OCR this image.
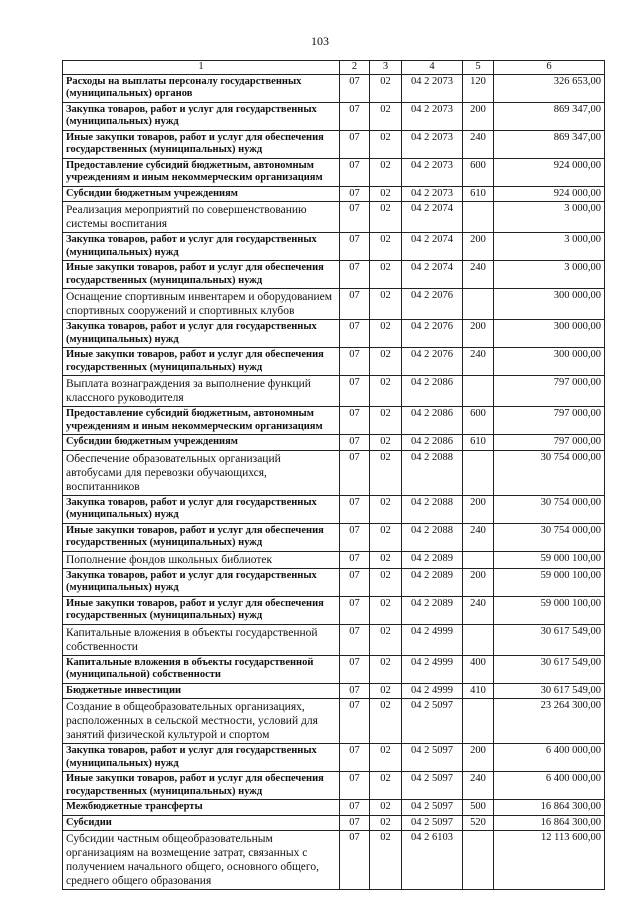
103
1	2	3	4	5	6
Расходы на выплаты персоналу государственных (муниципальных) органов	07	02	04 2 2073	120	326 653,00
Закупка товаров, работ и услуг для государственных (муниципальных) нужд	07	02	04 2 2073	200	869 347,00
Иные закупки товаров, работ и услуг для обеспечения государственных (муниципальных) нужд	07	02	04 2 2073	240	869 347,00
Предоставление субсидий бюджетным, автономным учреждениям и иным некоммерческим организациям	07	02	04 2 2073	600	924 000,00
Субсидии бюджетным учреждениям	07	02	04 2 2073	610	924 000,00
Реализация мероприятий по совершенствованию системы воспитания	07	02	04 2 2074		3 000,00
Закупка товаров, работ и услуг для государственных (муниципальных) нужд	07	02	04 2 2074	200	3 000,00
Иные закупки товаров, работ и услуг для обеспечения государственных (муниципальных) нужд	07	02	04 2 2074	240	3 000,00
Оснащение спортивным инвентарем и оборудованием спортивных сооружений и спортивных клубов	07	02	04 2 2076		300 000,00
Закупка товаров, работ и услуг для государственных (муниципальных) нужд	07	02	04 2 2076	200	300 000,00
Иные закупки товаров, работ и услуг для обеспечения государственных (муниципальных) нужд	07	02	04 2 2076	240	300 000,00
Выплата вознаграждения за выполнение функций классного руководителя	07	02	04 2 2086		797 000,00
Предоставление субсидий бюджетным, автономным учреждениям и иным некоммерческим организациям	07	02	04 2 2086	600	797 000,00
Субсидии бюджетным учреждениям	07	02	04 2 2086	610	797 000,00
Обеспечение образовательных организаций автобусами для перевозки обучающихся, воспитанников	07	02	04 2 2088		30 754 000,00
Закупка товаров, работ и услуг для государственных (муниципальных) нужд	07	02	04 2 2088	200	30 754 000,00
Иные закупки товаров, работ и услуг для обеспечения государственных (муниципальных) нужд	07	02	04 2 2088	240	30 754 000,00
Пополнение фондов школьных библиотек	07	02	04 2 2089		59 000 100,00
Закупка товаров, работ и услуг для государственных (муниципальных) нужд	07	02	04 2 2089	200	59 000 100,00
Иные закупки товаров, работ и услуг для обеспечения государственных (муниципальных) нужд	07	02	04 2 2089	240	59 000 100,00
Капитальные вложения в объекты государственной собственности	07	02	04 2 4999		30 617 549,00
Капитальные вложения в объекты государственной (муниципальной) собственности	07	02	04 2 4999	400	30 617 549,00
Бюджетные инвестиции	07	02	04 2 4999	410	30 617 549,00
Создание в общеобразовательных организациях, расположенных в сельской местности, условий для занятий физической культурой и спортом	07	02	04 2 5097		23 264 300,00
Закупка товаров, работ и услуг для государственных (муниципальных) нужд	07	02	04 2 5097	200	6 400 000,00
Иные закупки товаров, работ и услуг для обеспечения государственных (муниципальных) нужд	07	02	04 2 5097	240	6 400 000,00
Межбюджетные трансферты	07	02	04 2 5097	500	16 864 300,00
Субсидии	07	02	04 2 5097	520	16 864 300,00
Субсидии частным общеобразовательным организациям на возмещение затрат, связанных с получением начального общего, основного общего, среднего общего образования	07	02	04 2 6103		12 113 600,00
